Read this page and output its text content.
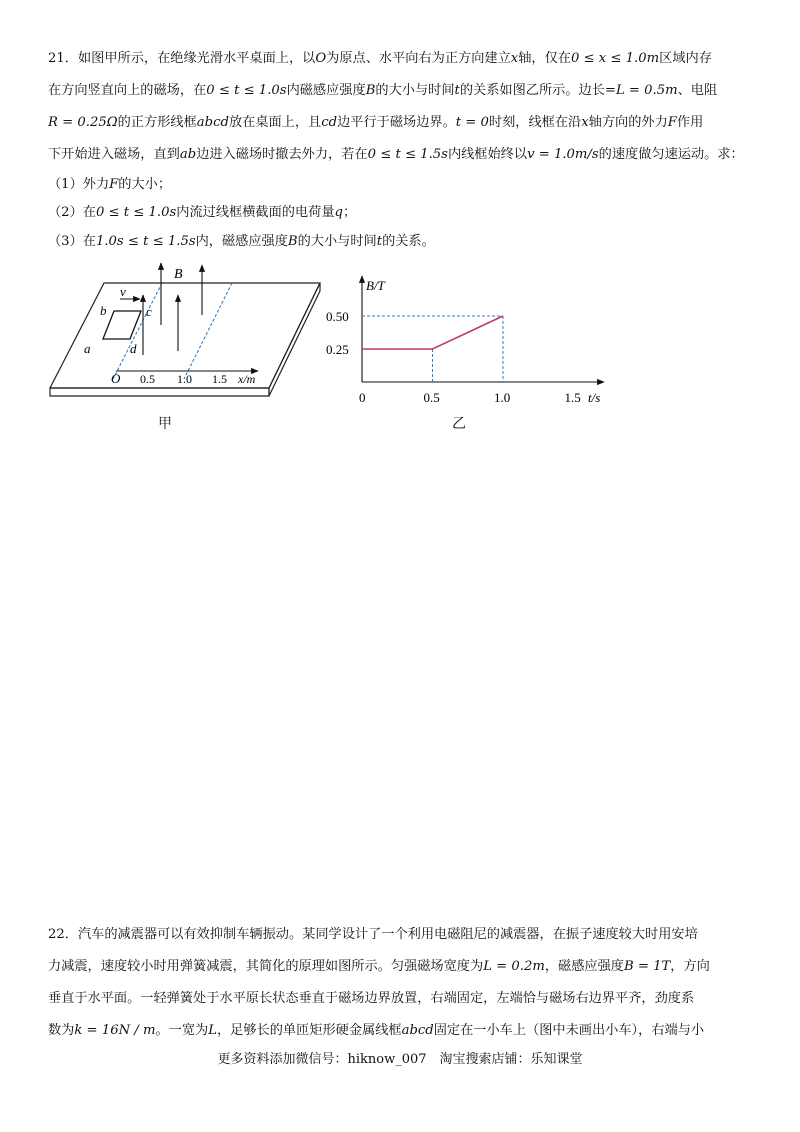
21．如图甲所示，在绝缘光滑水平桌面上，以O为原点、水平向右为正方向建立x轴，仅在0 ≤ x ≤ 1.0m区域内存
在方向竖直向上的磁场，在0 ≤ t ≤ 1.0s内磁感应强度B的大小与时间t的关系如图乙所示。边长=L = 0.5m、电阻
R = 0.25Ω的正方形线框abcd放在桌面上，且cd边平行于磁场边界。t = 0时刻，线框在沿x轴方向的外力F作用
下开始进入磁场，直到ab边进入磁场时撤去外力，若在0 ≤ t ≤ 1.5s内线框始终以v = 1.0m/s的速度做匀速运动。求：
（1）外力F的大小；
（2）在0 ≤ t ≤ 1.0s内流过线框横截面的电荷量q；
（3）在1.0s ≤ t ≤ 1.5s内，磁感应强度B的大小与时间t的关系。
B
v
b	c
a	d
O 0.5 1.0 1.5 x/m
甲
B/T
t/s
0	0.5	1.0	1.5
0.25
0.50
乙
22．汽车的减震器可以有效抑制车辆振动。某同学设计了一个利用电磁阻尼的减震器，在振子速度较大时用安培
力减震，速度较小时用弹簧减震，其简化的原理如图所示。匀强磁场宽度为L = 0.2m，磁感应强度B = 1T，方向
垂直于水平面。一轻弹簧处于水平原长状态垂直于磁场边界放置，右端固定，左端恰与磁场右边界平齐，劲度系
数为k = 16N / m。一宽为L，足够长的单匝矩形硬金属线框abcd固定在一小车上（图中未画出小车），右端与小
更多资料添加微信号：hiknow_007　淘宝搜索店铺：乐知课堂
